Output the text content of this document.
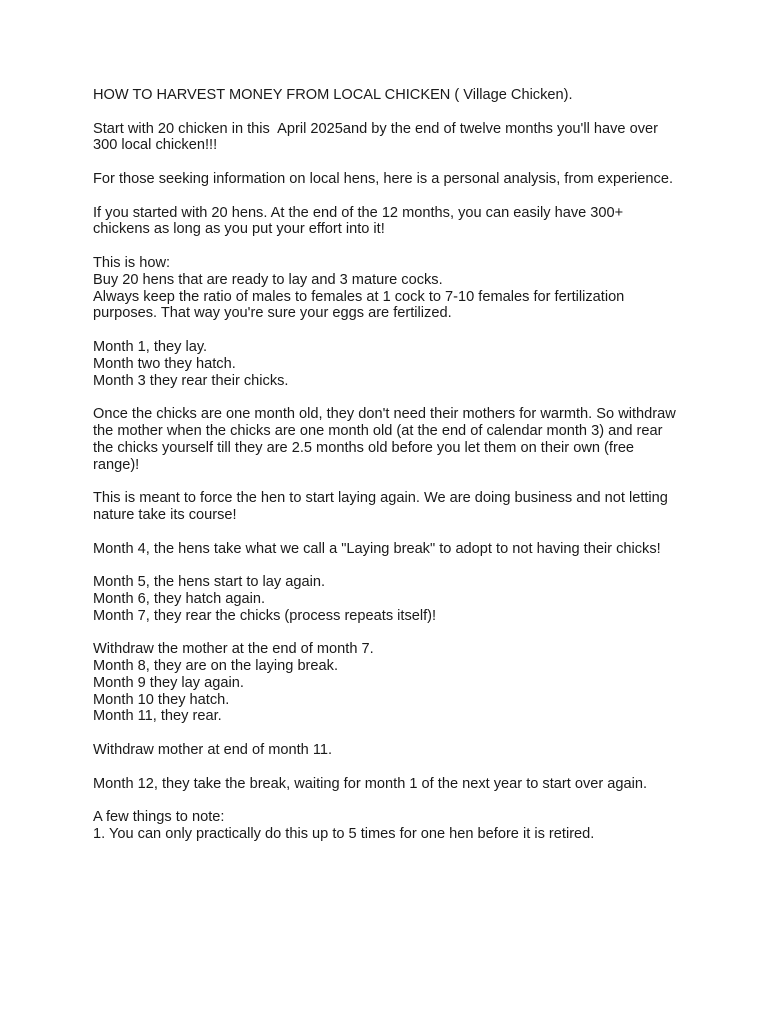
HOW TO HARVEST MONEY FROM LOCAL CHICKEN ( Village Chicken).
Start with 20 chicken in this  April 2025and by the end of twelve months you'll have over 300 local chicken!!!
For those seeking information on local hens, here is a personal analysis, from experience.
If you started with 20 hens. At the end of the 12 months, you can easily have 300+ chickens as long as you put your effort into it!
This is how:
Buy 20 hens that are ready to lay and 3 mature cocks.
Always keep the ratio of males to females at 1 cock to 7-10 females for fertilization purposes. That way you're sure your eggs are fertilized.
Month 1, they lay.
Month two they hatch.
Month 3 they rear their chicks.
Once the chicks are one month old, they don't need their mothers for warmth. So withdraw the mother when the chicks are one month old (at the end of calendar month 3) and rear the chicks yourself till they are 2.5 months old before you let them on their own (free range)!
This is meant to force the hen to start laying again. We are doing business and not letting nature take its course!
Month 4, the hens take what we call a "Laying break" to adopt to not having their chicks!
Month 5, the hens start to lay again.
Month 6, they hatch again.
Month 7, they rear the chicks (process repeats itself)!
Withdraw the mother at the end of month 7.
Month 8, they are on the laying break.
Month 9 they lay again.
Month 10 they hatch.
Month 11, they rear.
Withdraw mother at end of month 11.
Month 12, they take the break, waiting for month 1 of the next year to start over again.
A few things to note:
1. You can only practically do this up to 5 times for one hen before it is retired.
